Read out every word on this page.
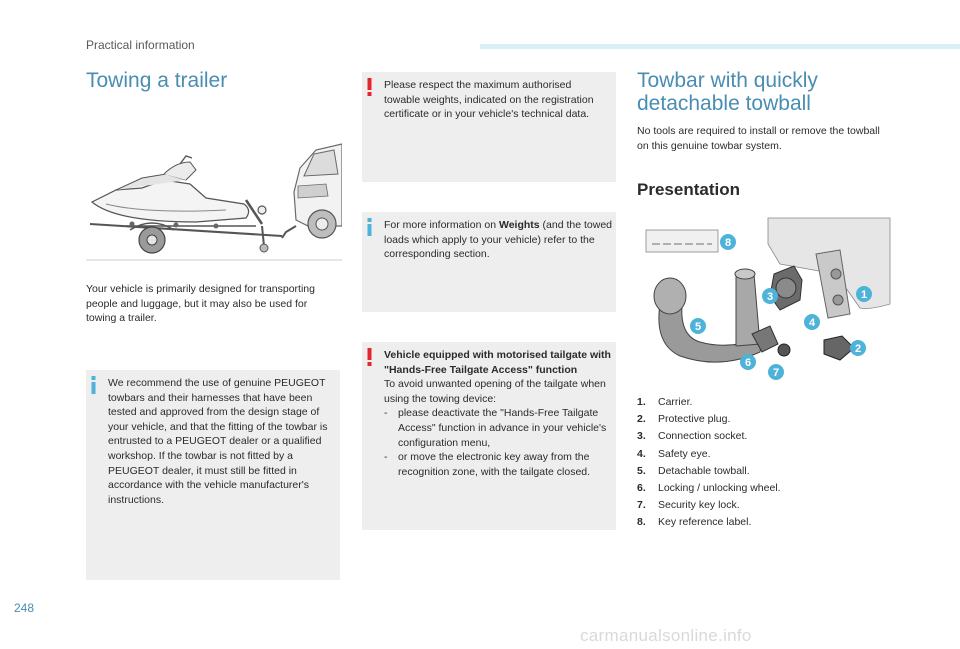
Practical information
Towing a trailer
Your vehicle is primarily designed for transporting people and luggage, but it may also be used for towing a trailer.
We recommend the use of genuine PEUGEOT towbars and their harnesses that have been tested and approved from the design stage of your vehicle, and that the fitting of the towbar is entrusted to a PEUGEOT dealer or a qualified workshop. If the towbar is not fitted by a PEUGEOT dealer, it must still be fitted in accordance with the vehicle manufacturer's instructions.
Please respect the maximum authorised towable weights, indicated on the registration certificate or in your vehicle's technical data.
For more information on Weights (and the towed loads which apply to your vehicle) refer to the corresponding section.
Vehicle equipped with motorised tailgate with "Hands-Free Tailgate Access" function
To avoid unwanted opening of the tailgate when using the towing device:
-	please deactivate the "Hands-Free Tailgate Access" function in advance in your vehicle's configuration menu,
-	or move the electronic key away from the recognition zone, with the tailgate closed.
Towbar with quickly
detachable towball
No tools are required to install or remove the towball on this genuine towbar system.
Presentation
1
2
3
4
5
6
7
8
1.	Carrier.
2.	Protective plug.
3.	Connection socket.
4.	Safety eye.
5.	Detachable towball.
6.	Locking / unlocking wheel.
7.	Security key lock.
8.	Key reference label.
248
carmanualsonline.info
